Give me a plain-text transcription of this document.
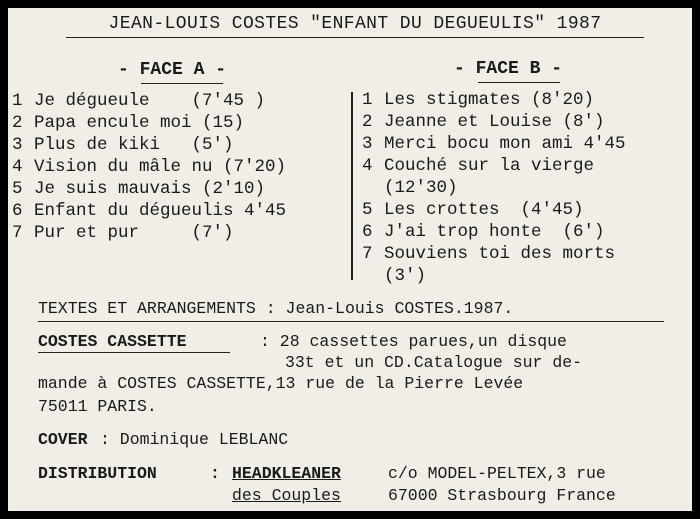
JEAN-LOUIS COSTES "ENFANT DU DEGUEULIS" 1987
- FACE A -
1 Je dégueule    (7'45 )
2 Papa encule moi (15)
3 Plus de kiki   (5')
4 Vision du mâle nu (7'20)
5 Je suis mauvais (2'10)
6 Enfant du dégueulis 4'45
7 Pur et pur     (7')
- FACE B -
1 Les stigmates (8'20)
2 Jeanne et Louise (8')
3 Merci bocu mon ami 4'45
4 Couché sur la vierge
(12'30)
5 Les crottes  (4'45)
6 J'ai trop honte  (6')
7 Souviens toi des morts
(3')
TEXTES ET ARRANGEMENTS : Jean-Louis COSTES.1987.
COSTES CASSETTE	: 28 cassettes parues,un disque
33t et un CD.Catalogue sur de-
mande à COSTES CASSETTE,13 rue de la Pierre Levée
75011 PARIS.
COVER : Dominique LEBLANC
DISTRIBUTION	: HEADKLEANER	c/o MODEL-PELTEX,3 rue
des Couples	67000 Strasbourg France
